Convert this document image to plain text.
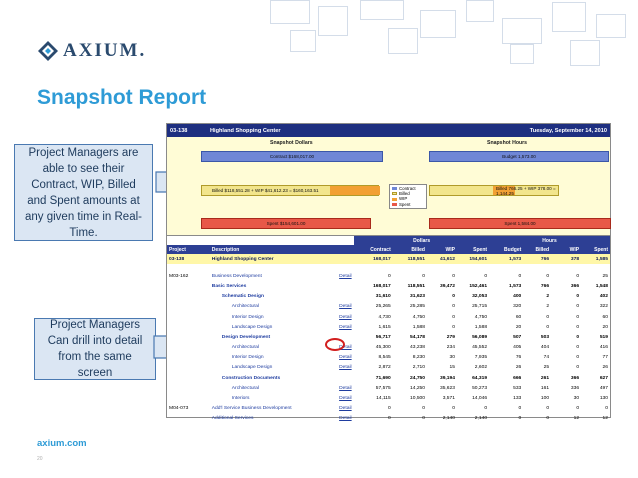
AXIUM.
Snapshot Report
Project Managers are able to see their Contract, WIP, Billed and Spent amounts at any given time in Real-Time.
Project Managers Can drill into detail from the same screen
03-138	Highland Shopping Center	Tuesday, September 14, 2010
Snapshot Dollars	Snapshot Hours
Contract $168,017.00
Billed $118,551.28 + WIP $41,612.23 = $160,163.51
Spent $154,601.00
Contract
Billed
WIP
Spent
Budget 1,573.00
Billed 766.25 + WIP 378.00 = 1,144.25
Spent 1,584.00
			Dollars				Hours			
Project	Description		Contract	Billed	WIP	Spent	Budget	Billed	WIP	Spent
03-138	Highland Shopping Center		168,017	118,551	41,612	154,601	1,573	766	378	1,585

M03-162	Business Development	Detail	0	0	0	0	0	0	0	25
	Basic Services		168,017	118,551	39,472	152,461	1,573	766	366	1,548
	Schematic Design		31,610	31,623	0	32,053	400	2	0	402
	Architectural	Detail	25,265	25,285	0	25,715	320	2	0	322
	Interior Design	Detail	4,730	4,750	0	4,750	60	0	0	60
	Landscape Design	Detail	1,615	1,588	0	1,588	20	0	0	20
	Design Development		56,717	54,178	279	56,089	507	503	0	519
	Architectural	Detail	45,300	43,238	234	45,552	405	404	0	416
	Interior Design	Detail	8,545	8,230	30	7,935	76	74	0	77
	Landscape Design	Detail	2,872	2,710	15	2,602	26	25	0	26
	Construction Documents		71,690	24,750	39,194	64,319	666	261	366	627
	Architectural	Detail	57,575	14,250	35,623	50,273	533	161	336	497
	Interiors	Detail	14,115	10,500	3,571	14,046	133	100	30	130
M04-073	Add'l Service Business Development	Detail	0	0	0	0	0	0	0	0
	Additional Services	Detail	0	0	2,140	2,140	0	0	12	12
axium.com
20
